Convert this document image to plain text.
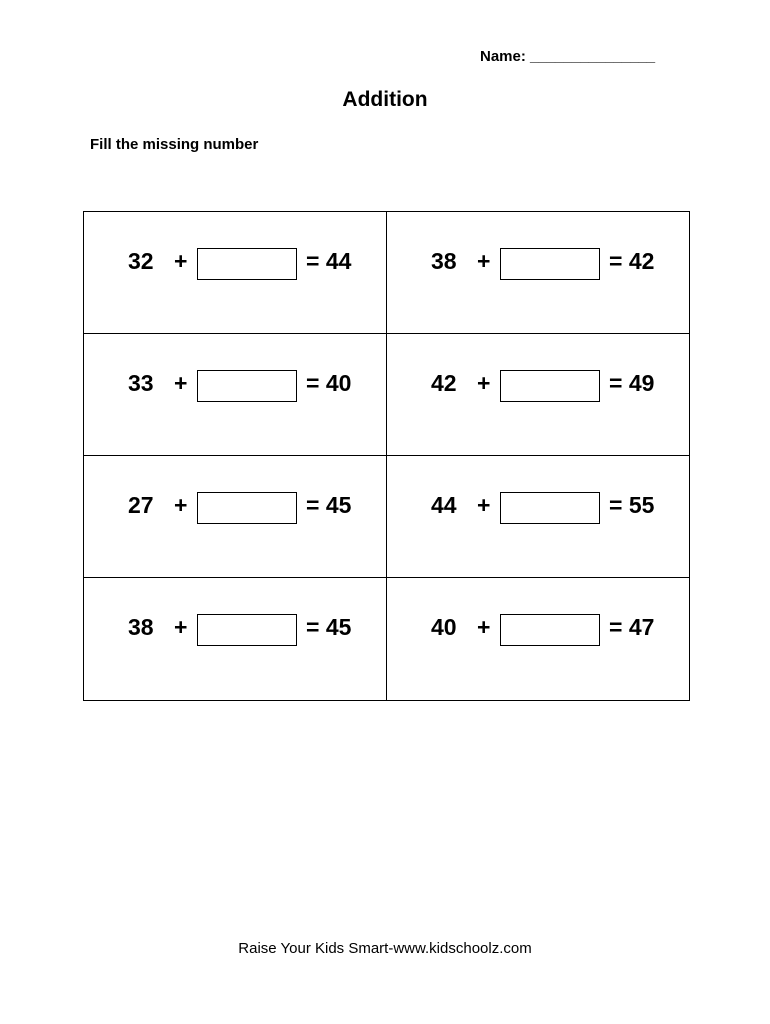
Name: _______________
Addition
Fill the missing number
32 +	= 44	38 +	= 42
33 +	= 40	42 +	= 49
27 +	= 45	44 +	= 55
38 +	= 45	40 +	= 47
Raise Your Kids Smart-www.kidschoolz.com
